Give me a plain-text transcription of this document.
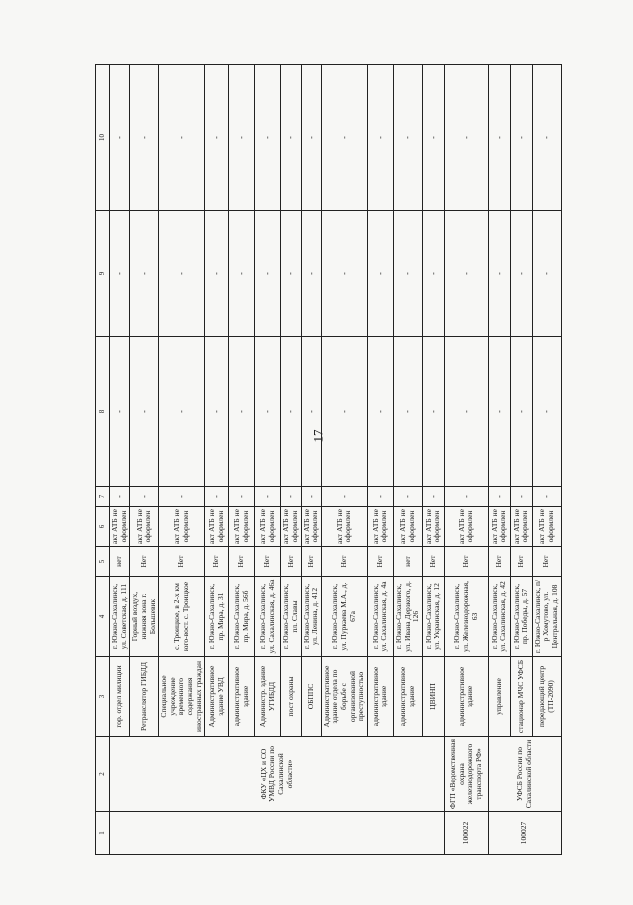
17
1	2	3	4	5	6	7	8	9	10
	ФКУ «ЦХ и СО УМВД России по Сахалинской области»	гор. отдел милиции	г. Южно-Сахалинск, ул. Советская, д. 111	нет	акт АТБ не оформлен	-	-	-	-
		Ретранслятор ГИБДД	Горный воздух, нижняя зона г. Большевик	Нет	акт АТБ не оформлен	-	-	-	-
		Специальное учреждение временного содержания иностранных граждан	с. Троицкое, в 2-х км юго-вост. с. Троицкое	Нет	акт АТБ не оформлен	-	-	-	-
		Административное здание УВД	г. Южно-Сахалинск, пр. Мира, д. 31	Нет	акт АТБ не оформлен	-	-	-	-
		административное здание	г. Южно-Сахалинск, пр. Мира, д. 56б	Нет	акт АТБ не оформлен	-	-	-	-
		Администр. здание УГИБДД	г. Южно-Сахалинск, ул. Сахалинская, д. 46а	Нет	акт АТБ не оформлен	-	-	-	-
		пост охраны	г. Южно-Сахалинск, пл. Славы	Нет	акт АТБ не оформлен	-	-	-	-
		ОБППС	г. Южно-Сахалинск, ул. Ленина, д. 412	Нет	акт АТБ не оформлен	-	-	-	-
		Административное здание отдела по борьбе с организованной преступностью	г. Южно-Сахалинск, ул. Пуркаева М.А., д. 67а	Нет	акт АТБ не оформлен	-	-	-	-
		административное здание	г. Южно-Сахалинск, ул. Сахалинская, д. 4а	Нет	акт АТБ не оформлен	-	-	-	-
		административное здание	г. Южно-Сахалинск, ул. Ивана Дерзкого, д. 126	нет	акт АТБ не оформлен	-	-	-	-
		ЦВИНП	г. Южно-Сахалинск, ул. Украинская, д. 12	Нет	акт АТБ не оформлен	-	-	-	-
100022	ФГП «Ведомственная охрана железнодорожного транспорта РФ»	административное здание	г. Южно-Сахалинск, ул. Железнодорожная, 63	Нет	акт АТБ не оформлен	-	-	-	-
100027	УФСБ России по Сахалинской области	управление	г. Южно-Сахалинск, ул. Сахалинская, д. 42	Нет	акт АТБ не оформлен	-	-	-	-
		стационар МЧС УФСБ	г. Южно-Сахалинск, пр. Победы, д. 57	Нет	акт АТБ не оформлен	-	-	-	-
		передающий центр (ТП-2090)	г. Южно-Сахалинск, п/р Хомутово, ул. Центральная, д. 108	Нет	акт АТБ не оформлен	-	-	-	-
